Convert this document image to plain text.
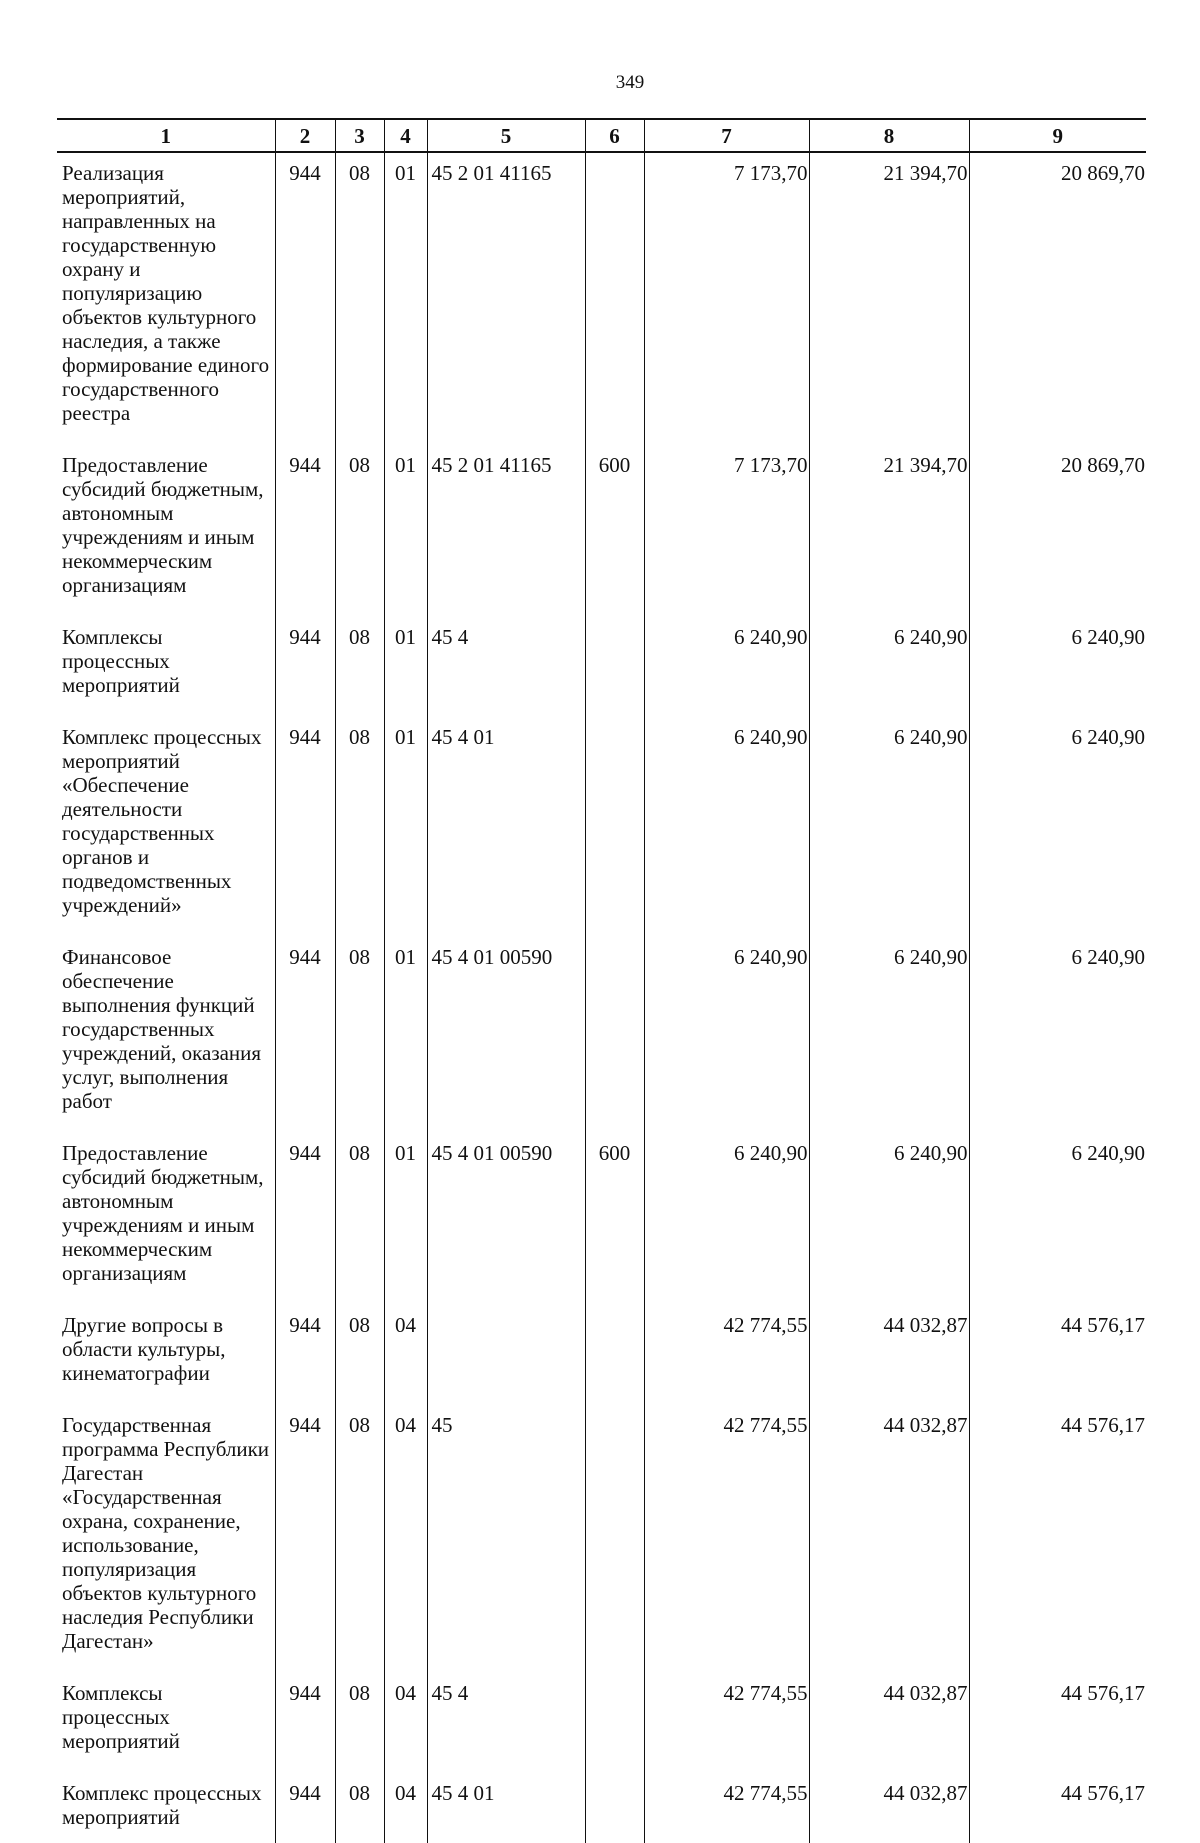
349
1	2	3	4	5	6	7	8	9
Реализация мероприятий, направленных на государственную охрану и популяризацию объектов культурного наследия, а также формирование единого государственного реестра	944	08	01	45 2 01 41165		7 173,70	21 394,70	20 869,70
Предоставление субсидий бюджетным, автономным учреждениям и иным некоммерческим организациям	944	08	01	45 2 01 41165	600	7 173,70	21 394,70	20 869,70
Комплексы процессных мероприятий	944	08	01	45 4		6 240,90	6 240,90	6 240,90
Комплекс процессных мероприятий «Обеспечение деятельности государственных органов и подведомственных учреждений»	944	08	01	45 4 01		6 240,90	6 240,90	6 240,90
Финансовое обеспечение выполнения функций государственных учреждений, оказания услуг, выполнения работ	944	08	01	45 4 01 00590		6 240,90	6 240,90	6 240,90
Предоставление субсидий бюджетным, автономным учреждениям и иным некоммерческим организациям	944	08	01	45 4 01 00590	600	6 240,90	6 240,90	6 240,90
Другие вопросы в области культуры, кинематографии	944	08	04			42 774,55	44 032,87	44 576,17
Государственная программа Республики Дагестан «Государственная охрана, сохранение, использование, популяризация объектов культурного наследия Республики Дагестан»	944	08	04	45		42 774,55	44 032,87	44 576,17
Комплексы процессных мероприятий	944	08	04	45 4		42 774,55	44 032,87	44 576,17
Комплекс процессных мероприятий	944	08	04	45 4 01		42 774,55	44 032,87	44 576,17
